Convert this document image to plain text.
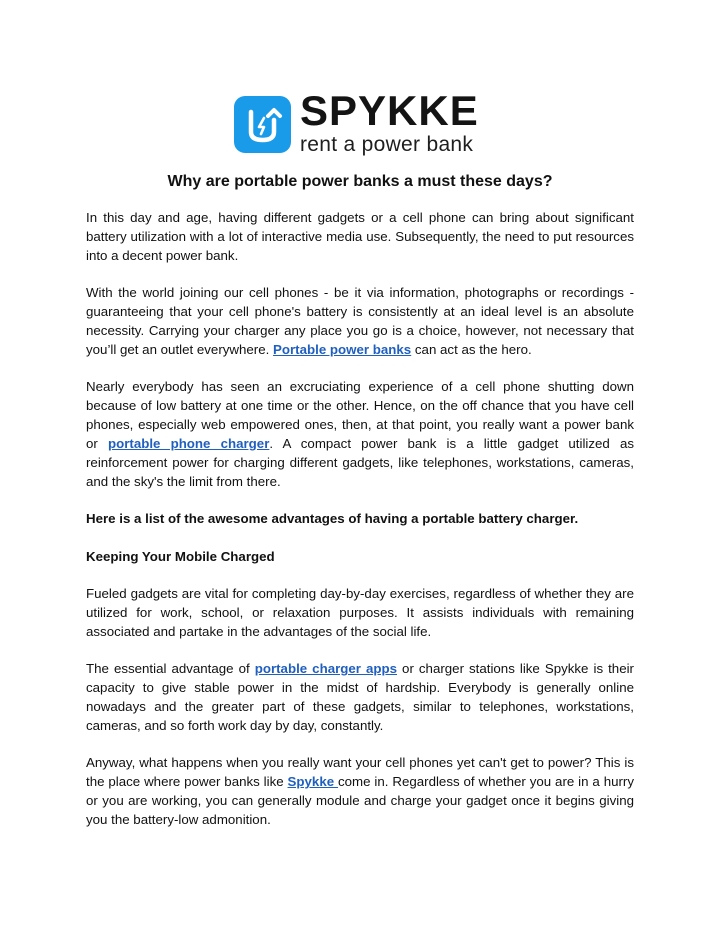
SPYKKE
rent a power bank
Why are portable power banks a must these days?

In this day and age, having different gadgets or a cell phone can bring about significant battery utilization with a lot of interactive media use. Subsequently, the need to put resources into a decent power bank.

With the world joining our cell phones - be it via information, photographs or recordings - guaranteeing that your cell phone's battery is consistently at an ideal level is an absolute necessity. Carrying your charger any place you go is a choice, however, not necessary that you’ll get an outlet everywhere. Portable power banks can act as the hero.

Nearly everybody has seen an excruciating experience of a cell phone shutting down because of low battery at one time or the other. Hence, on the off chance that you have cell phones, especially web empowered ones, then, at that point, you really want a power bank or portable phone charger. A compact power bank is a little gadget utilized as reinforcement power for charging different gadgets, like telephones, workstations, cameras, and the sky's the limit from there.

Here is a list of the awesome advantages of having a portable battery charger.

Keeping Your Mobile Charged

Fueled gadgets are vital for completing day-by-day exercises, regardless of whether they are utilized for work, school, or relaxation purposes. It assists individuals with remaining associated and partake in the advantages of the social life.

The essential advantage of portable charger apps or charger stations like Spykke is their capacity to give stable power in the midst of hardship. Everybody is generally online nowadays and the greater part of these gadgets, similar to telephones, workstations, cameras, and so forth work day by day, constantly.

Anyway, what happens when you really want your cell phones yet can't get to power? This is the place where power banks like Spykke come in. Regardless of whether you are in a hurry or you are working, you can generally module and charge your gadget once it begins giving you the battery-low admonition.
